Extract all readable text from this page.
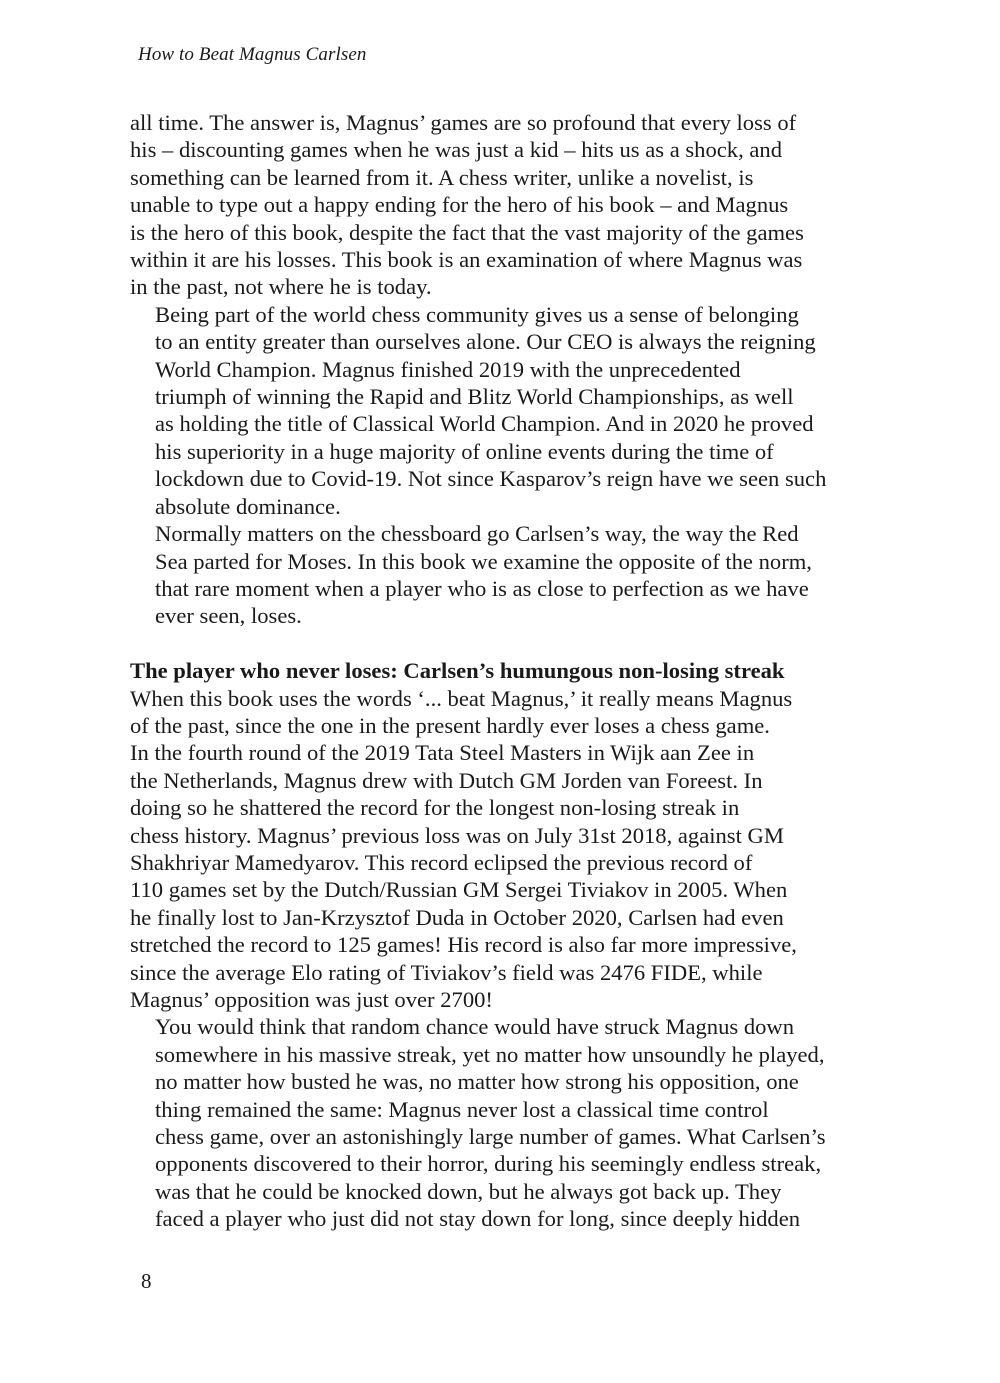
How to Beat Magnus Carlsen

all time. The answer is, Magnus’ games are so profound that every loss of
his – discounting games when he was just a kid – hits us as a shock, and
something can be learned from it. A chess writer, unlike a novelist, is
unable to type out a happy ending for the hero of his book – and Magnus
is the hero of this book, despite the fact that the vast majority of the games
within it are his losses. This book is an examination of where Magnus was
in the past, not where he is today.

Being part of the world chess community gives us a sense of belonging
to an entity greater than ourselves alone. Our CEO is always the reigning
World Champion. Magnus finished 2019 with the unprecedented
triumph of winning the Rapid and Blitz World Championships, as well
as holding the title of Classical World Champion. And in 2020 he proved
his superiority in a huge majority of online events during the time of
lockdown due to Covid-19. Not since Kasparov’s reign have we seen such
absolute dominance.

Normally matters on the chessboard go Carlsen’s way, the way the Red
Sea parted for Moses. In this book we examine the opposite of the norm,
that rare moment when a player who is as close to perfection as we have
ever seen, loses.

The player who never loses: Carlsen’s humungous non-losing streak

When this book uses the words ‘... beat Magnus,’ it really means Magnus
of the past, since the one in the present hardly ever loses a chess game.
In the fourth round of the 2019 Tata Steel Masters in Wijk aan Zee in
the Netherlands, Magnus drew with Dutch GM Jorden van Foreest. In
doing so he shattered the record for the longest non-losing streak in
chess history. Magnus’ previous loss was on July 31st 2018, against GM
Shakhriyar Mamedyarov. This record eclipsed the previous record of
110 games set by the Dutch/Russian GM Sergei Tiviakov in 2005. When
he finally lost to Jan-Krzysztof Duda in October 2020, Carlsen had even
stretched the record to 125 games! His record is also far more impressive,
since the average Elo rating of Tiviakov’s field was 2476 FIDE, while
Magnus’ opposition was just over 2700!

You would think that random chance would have struck Magnus down
somewhere in his massive streak, yet no matter how unsoundly he played,
no matter how busted he was, no matter how strong his opposition, one
thing remained the same: Magnus never lost a classical time control
chess game, over an astonishingly large number of games. What Carlsen’s
opponents discovered to their horror, during his seemingly endless streak,
was that he could be knocked down, but he always got back up. They
faced a player who just did not stay down for long, since deeply hidden

8
